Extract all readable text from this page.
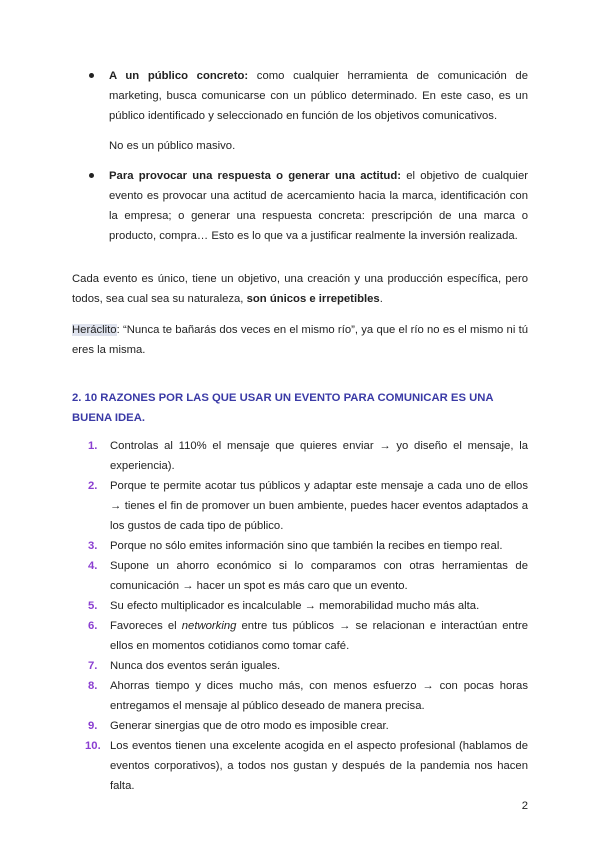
A un público concreto: como cualquier herramienta de comunicación de marketing, busca comunicarse con un público determinado. En este caso, es un público identificado y seleccionado en función de los objetivos comunicativos.
No es un público masivo.
Para provocar una respuesta o generar una actitud: el objetivo de cualquier evento es provocar una actitud de acercamiento hacia la marca, identificación con la empresa; o generar una respuesta concreta: prescripción de una marca o producto, compra… Esto es lo que va a justificar realmente la inversión realizada.

Cada evento es único, tiene un objetivo, una creación y una producción específica, pero todos, sea cual sea su naturaleza, son únicos e irrepetibles.

Heráclito: “Nunca te bañarás dos veces en el mismo río”, ya que el río no es el mismo ni tú eres la misma.

2. 10 RAZONES POR LAS QUE USAR UN EVENTO PARA COMUNICAR ES UNA BUENA IDEA.
1. Controlas al 110% el mensaje que quieres enviar → yo diseño el mensaje, la experiencia).
2. Porque te permite acotar tus públicos y adaptar este mensaje a cada uno de ellos → tienes el fin de promover un buen ambiente, puedes hacer eventos adaptados a los gustos de cada tipo de público.
3. Porque no sólo emites información sino que también la recibes en tiempo real.
4. Supone un ahorro económico si lo comparamos con otras herramientas de comunicación → hacer un spot es más caro que un evento.
5. Su efecto multiplicador es incalculable → memorabilidad mucho más alta.
6. Favoreces el networking entre tus públicos → se relacionan e interactúan entre ellos en momentos cotidianos como tomar café.
7. Nunca dos eventos serán iguales.
8. Ahorras tiempo y dices mucho más, con menos esfuerzo → con pocas horas entregamos el mensaje al público deseado de manera precisa.
9. Generar sinergias que de otro modo es imposible crear.
10. Los eventos tienen una excelente acogida en el aspecto profesional (hablamos de eventos corporativos), a todos nos gustan y después de la pandemia nos hacen falta.
2
